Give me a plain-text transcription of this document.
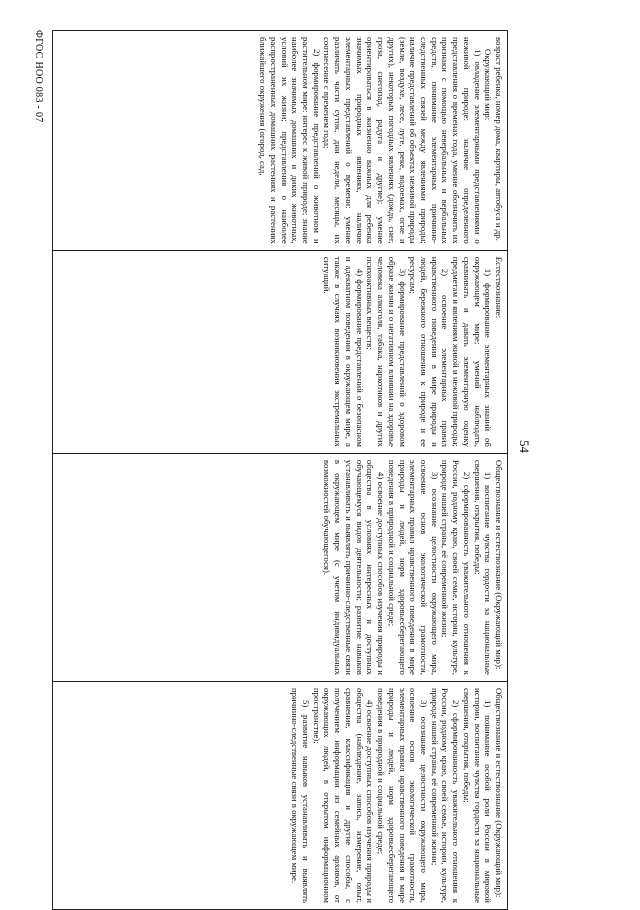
54

возраст ребенка, номер дома, квартиры, автобуса и др.

Окружающий мир:

1) овладение элементарными представлениями о неживой природе: наличие определенного представления о временах года, умение обозначить их признаки с помощью невербальных и вербальных средств, понимание элементарных причинно-следственных связей между явлениями природы; наличие представлений об объектах неживой природы (земле, воздухе, лесе, луге, реке, водоемах, огне и других), некоторых погодных явлениях (дождь, снег, гроза, снегопад, радуга и другие); умение ориентироваться в жизненно важных для ребенка значимых природных явлениях, наличие элементарных представлений о времени: умение различать части суток, дни недели, месяцы, их соотнесение с временем года;

2) формирование представлений о животном и растительном мире: интерес к живой природе; знание наиболее значимых домашних и диких животных, условий их жизни; представления о наиболее распространенных домашних растениях и растениях ближайшего окружения (огород, сад,

Естествознание:

1) формирование элементарных знаний об окружающем мире; умений наблюдать, сравнивать и давать элементарную оценку предметам и явлениям живой и неживой природы;

2) освоение элементарных правил нравственного поведения в мире природы и людей, бережного отношения к природе и ее ресурсам;

3) формирование представлений о здоровом образе жизни и о негативном влиянии на здоровье человека алкоголя, табака, наркотиков и других психоактивных веществ;

4) формирование представлений о безопасном и адекватном поведении в окружающем мире, а также в случаях возникновения экстремальных ситуаций.

Обществознание и естествознание (Окружающий мир):

1) воспитание чувства гордости за национальные свершения, открытия, победы;

2) сформированность уважительного отношения к России, родному краю, своей семье, истории, культуре, природе нашей страны, её современной жизни;

3) осознание целостности окружающего мира, освоение основ экологической грамотности, элементарных правил нравственного поведения в мире природы и людей, норм здоровьесберегающего поведения в природной и социальной среде;

4) освоение доступных способов изучения природы и общества в условиях интересных и доступных обучающемуся видов деятельности; развитие навыков устанавливать и выявлять причинно-следственные связи в окружающем мире (с учетом индивидуальных возможностей обучающегося).

Обществознание и естествознание (Окружающий мир):

1) понимание особой роли России в мировой истории, воспитание чувства гордости за национальные свершения, открытия, победы;

2) сформированность уважительного отношения к России, родному краю, своей семье, истории, культуре, природе нашей страны, её современной жизни;

3) осознание целостности окружающего мира, освоение основ экологической грамотности, элементарных правил нравственного поведения в мире природы и людей, норм здоровьесберегающего поведения в природной и социальной среде;

4) освоение доступных способов изучения природы и общества (наблюдение, запись, измерение, опыт, сравнение, классификация и другие способы, с получением информации из семейных архивов, от окружающих людей, в открытом информационном пространстве);

5) развитие навыков устанавливать и выявлять причинно-следственные связи в окружающем мире.

ФГОС НОО 083 - 07
